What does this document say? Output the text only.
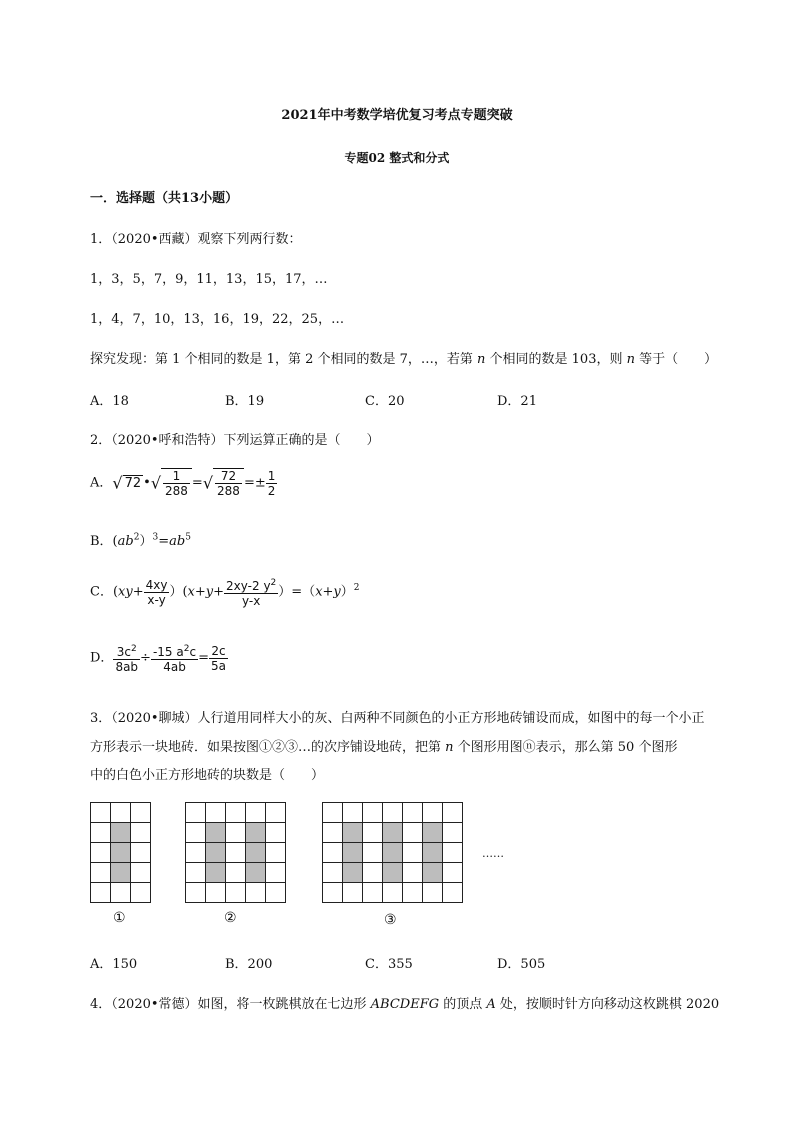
2021年中考数学培优复习考点专题突破
专题02 整式和分式
一．选择题（共13小题）
1．（2020•西藏）观察下列两行数：
1，3，5，7，9，11，13，15，17，…
1，4，7，10，13，16，19，22，25，…
探究发现：第 1 个相同的数是 1，第 2 个相同的数是 7，…，若第 n 个相同的数是 103，则 n 等于（　　）
A．18	B．19	C．20	D．21
2．（2020•呼和浩特）下列运算正确的是（　　）
A．√ 72 •√ $\frac{1}{288}$ =√ $\frac{72}{288} =\pm \frac{1}{2}$
B．$(ab^2)^3=ab^5$
C．$(xy+ \frac{4xy}{x-y} )(x+y+ \frac{2xy-2 y^2}{y-x} )=(x+y)^2$
D． $\frac{3c^2}{8ab} \div \frac{-15 a^2c}{4ab} = \frac{2c}{5a}$
3．（2020•聊城）人行道用同样大小的灰、白两种不同颜色的小正方形地砖铺设而成，如图中的每一个小正
方形表示一块地砖．如果按图①②③…的次序铺设地砖，把第 n 个图形用图ⓝ表示，那么第 50 个图形
中的白色小正方形地砖的块数是（　　）
……
①	②	③
A．150	B．200	C．355	D．505
4．（2020•常德）如图，将一枚跳棋放在七边形 ABCDEFG 的顶点 A 处，按顺时针方向移动这枚跳棋 2020
